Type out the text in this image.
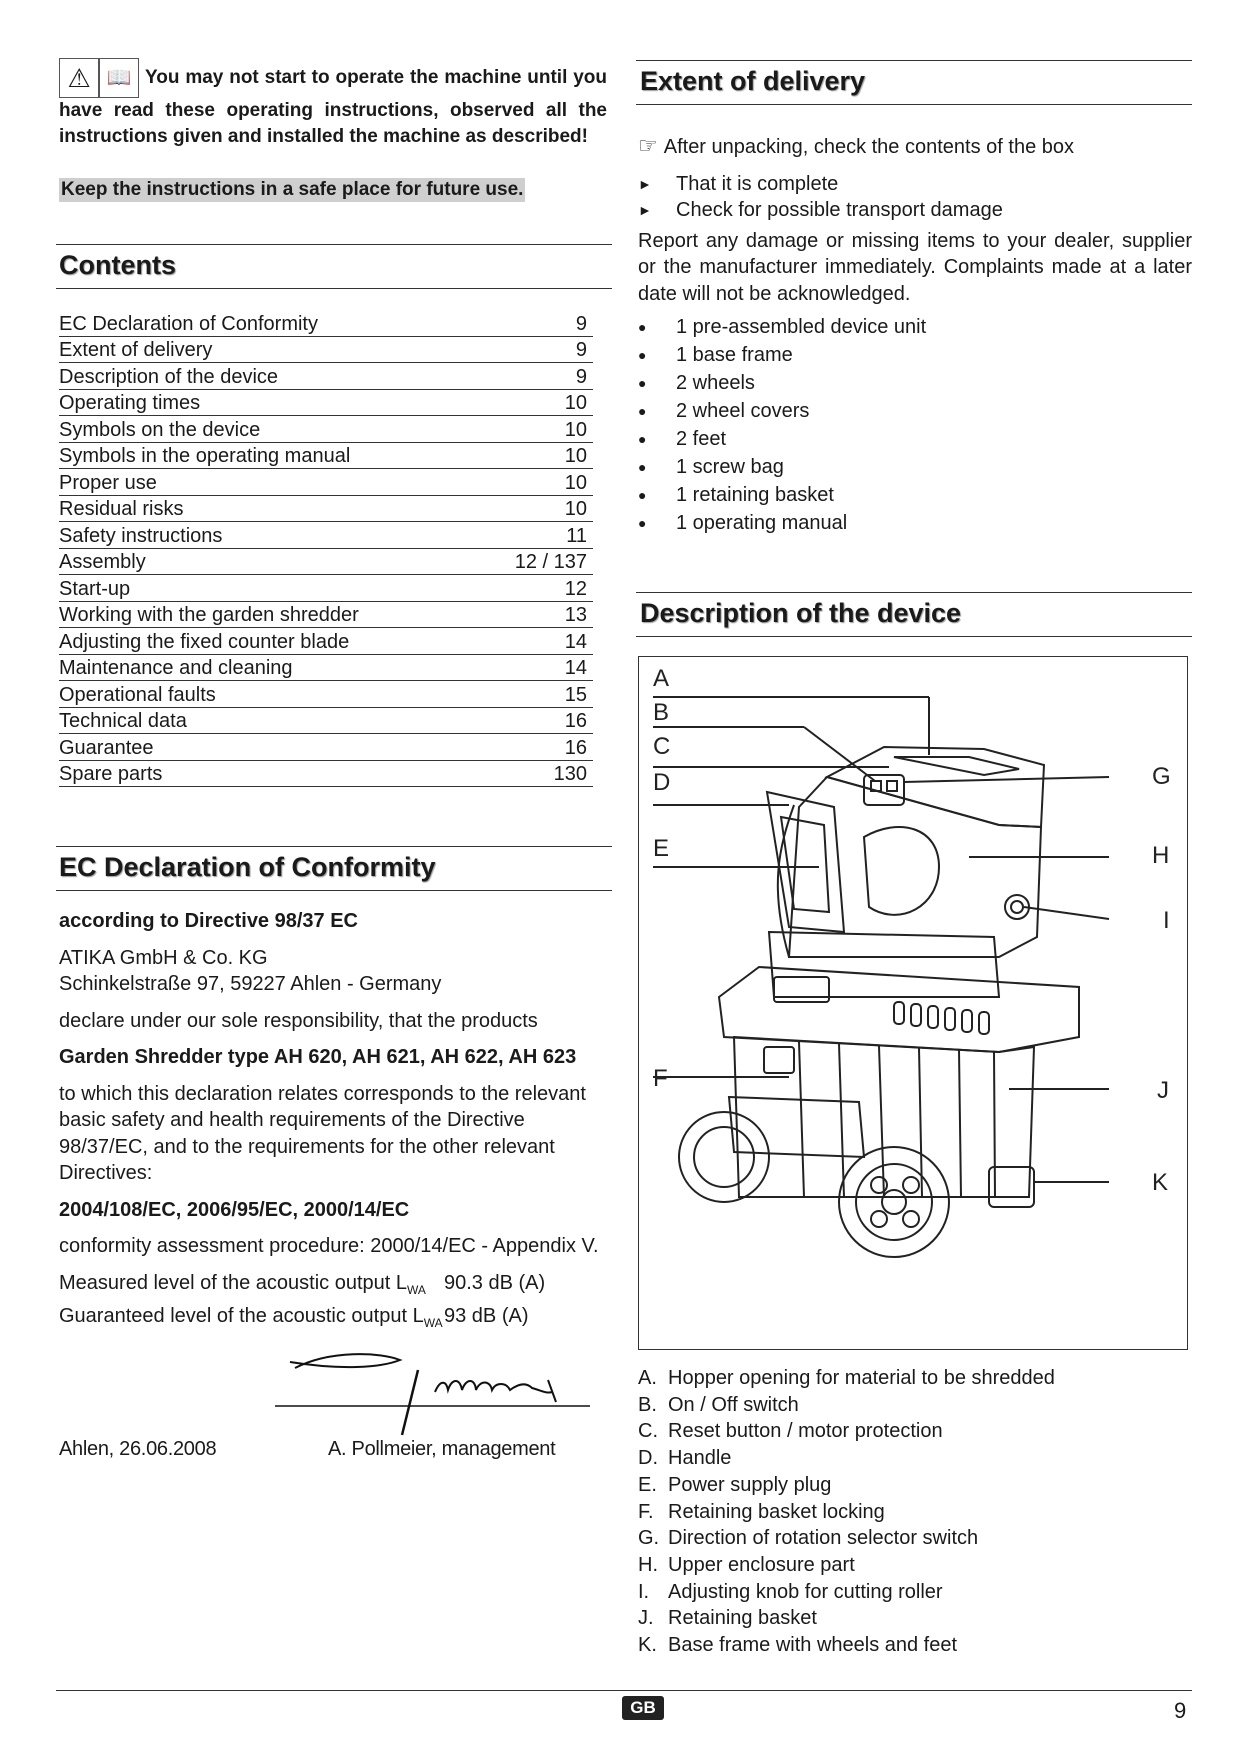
⚠ 📖 You may not start to operate the machine until you have read these operating instructions, observed all the instructions given and installed the machine as described!
Keep the instructions in a safe place for future use.
Contents
EC Declaration of Conformity	9
Extent of delivery	9
Description of the device	9
Operating times	10
Symbols on the device	10
Symbols in the operating manual	10
Proper use	10
Residual risks	10
Safety instructions	11
Assembly	12 / 137
Start-up	12
Working with the garden shredder	13
Adjusting the fixed counter blade	14
Maintenance and cleaning	14
Operational faults	15
Technical data	16
Guarantee	16
Spare parts	130
EC Declaration of Conformity

according to Directive 98/37 EC

ATIKA GmbH & Co. KG
Schinkelstraße 97, 59227 Ahlen - Germany

declare under our sole responsibility, that the products

Garden Shredder type AH 620, AH 621, AH 622, AH 623

to which this declaration relates corresponds to the relevant basic safety and health requirements of the Directive 98/37/EC, and to the requirements for the other relevant Directives:

2004/108/EC, 2006/95/EC, 2000/14/EC

conformity assessment procedure: 2000/14/EC - Appendix V.

Measured level of the acoustic output $L_{WA}$ 90.3 dB (A)
Guaranteed level of the acoustic output $L_{WA}$ 93 dB (A)
Ahlen, 26.06.2008	A. Pollmeier, management
Extent of delivery
☞ After unpacking, check the contents of the box
►	That it is complete
►	Check for possible transport damage
Report any damage or missing items to your dealer, supplier or the manufacturer immediately. Complaints made at a later date will not be acknowledged.
●	1 pre-assembled device unit
●	1 base frame
●	2 wheels
●	2 wheel covers
●	2 feet
●	1 screw bag
●	1 retaining basket
●	1 operating manual
Description of the device
A
B
C
D
E
F
G
H
I
J
K
A. Hopper opening for material to be shredded
B. On / Off switch
C. Reset button / motor protection
D. Handle
E. Power supply plug
F. Retaining basket locking
G. Direction of rotation selector switch
H. Upper enclosure part
I. Adjusting knob for cutting roller
J. Retaining basket
K. Base frame with wheels and feet
GB	9
